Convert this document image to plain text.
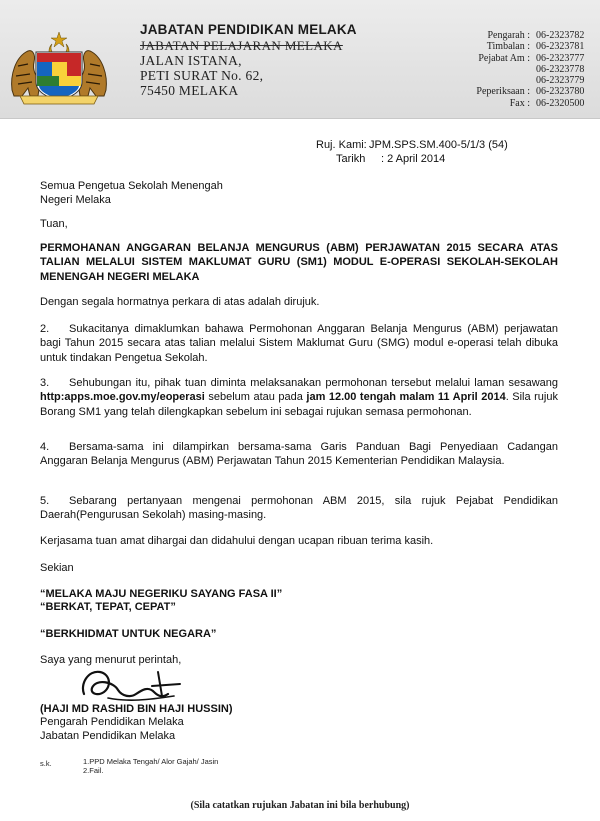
JABATAN PENDIDIKAN MELAKA
JABATAN PELAJARAN MELAKA
JALAN ISTANA,
PETI SURAT No. 62,
75450 MELAKA
Pengarah : 06-2323782
Timbalan : 06-2323781
Pejabat Am : 06-2323777
06-2323778
06-2323779
Peperiksaan : 06-2323780
Fax : 06-2320500
Ruj. Kami: JPM.SPS.SM.400-5/1/3 (54)
Tarikh : 2 April 2014
Semua Pengetua Sekolah Menengah
Negeri Melaka
Tuan,
PERMOHANAN ANGGARAN BELANJA MENGURUS (ABM) PERJAWATAN 2015 SECARA ATAS TALIAN MELALUI SISTEM MAKLUMAT GURU (SM1) MODUL E-OPERASI SEKOLAH-SEKOLAH MENENGAH NEGERI MELAKA
Dengan segala hormatnya perkara di atas adalah dirujuk.
2. Sukacitanya dimaklumkan bahawa Permohonan Anggaran Belanja Mengurus (ABM) perjawatan bagi Tahun 2015 secara atas talian melalui Sistem Maklumat Guru (SMG) modul e-operasi telah dibuka untuk tindakan Pengetua Sekolah.
3. Sehubungan itu, pihak tuan diminta melaksanakan permohonan tersebut melalui laman sesawang http:apps.moe.gov.my/eoperasi sebelum atau pada jam 12.00 tengah malam 11 April 2014. Sila rujuk Borang SM1 yang telah dilengkapkan sebelum ini sebagai rujukan semasa permohonan.
4. Bersama-sama ini dilampirkan bersama-sama Garis Panduan Bagi Penyediaan Cadangan Anggaran Belanja Mengurus (ABM) Perjawatan Tahun 2015 Kementerian Pendidikan Malaysia.
5. Sebarang pertanyaan mengenai permohonan ABM 2015, sila rujuk Pejabat Pendidikan Daerah(Pengurusan Sekolah) masing-masing.
Kerjasama tuan amat dihargai dan didahului dengan ucapan ribuan terima kasih.
Sekian
“MELAKA MAJU NEGERIKU SAYANG FASA II”
“BERKAT, TEPAT, CEPAT”
“BERKHIDMAT UNTUK NEGARA”
Saya yang menurut perintah,
(HAJI MD RASHID BIN HAJI HUSSIN)
Pengarah Pendidikan Melaka
Jabatan Pendidikan Melaka
s.k.	1.PPD Melaka Tengah/ Alor Gajah/ Jasin
2.Fail.
(Sila catatkan rujukan Jabatan ini bila berhubung)
